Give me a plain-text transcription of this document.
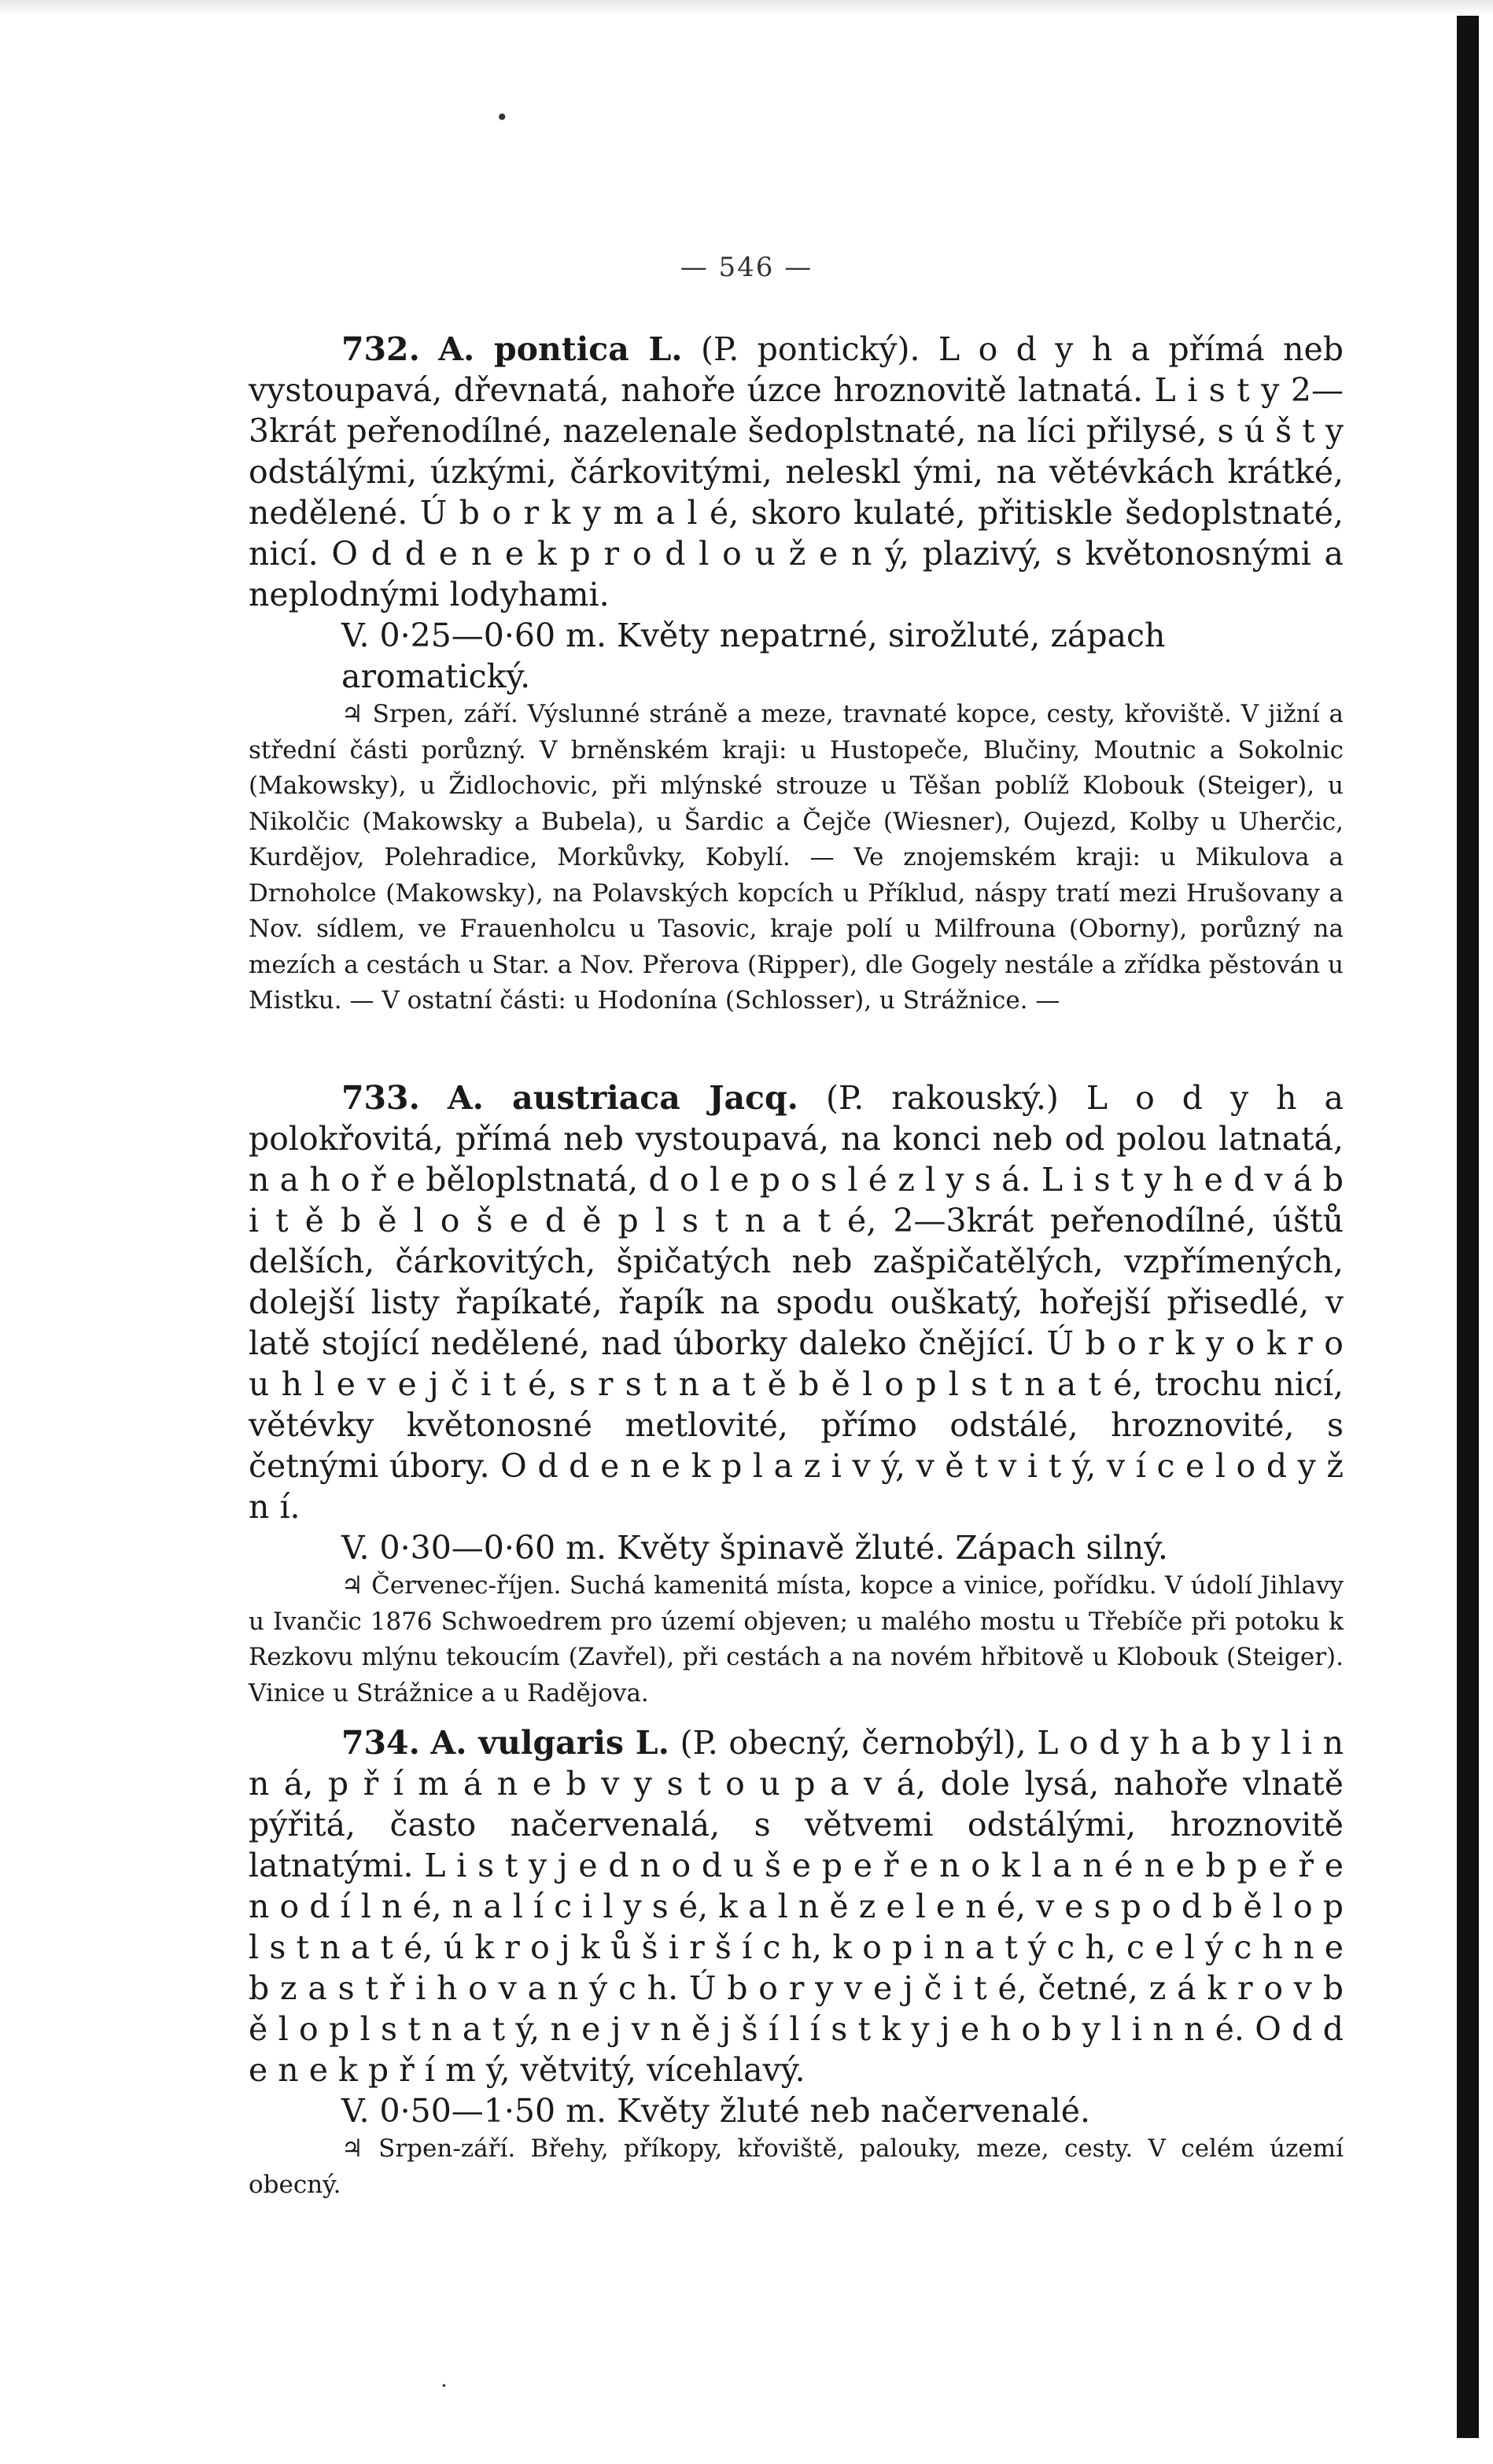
•
— 546 —

732. A. pontica L. (P. pontický). L o d y h a přímá neb vystoupavá, dřevnatá, nahoře úzce hroznovitě latnatá. L i s t y 2—3krát peřenodílné, nazelenale šedoplstnaté, na líci přilysé, s ú š t y odstálými, úzkými, čárkovitými, neleskl ými, na větévkách krátké, nedělené. Ú b o r k y m a l é, skoro kulaté, přitiskle šedoplstnaté, nicí. O d d e n e k p r o d l o u ž e n ý, plazivý, s květonosnými a neplodnými lodyhami.

V. 0·25—0·60 m. Květy nepatrné, sirožluté, zápach aromatický.

♃ Srpen, září. Výslunné stráně a meze, travnaté kopce, cesty, křoviště. V jižní a střední části porůzný. V brněnském kraji: u Hustopeče, Blučiny, Moutnic a Sokolnic (Makowsky), u Židlochovic, při mlýnské strouze u Těšan poblíž Klobouk (Steiger), u Nikolčic (Makowsky a Bubela), u Šardic a Čejče (Wiesner), Oujezd, Kolby u Uherčic, Kurdějov, Polehradice, Morkůvky, Kobylí. — Ve znojemském kraji: u Mikulova a Drnoholce (Makowsky), na Polavských kopcích u Příklud, náspy tratí mezi Hrušovany a Nov. sídlem, ve Frauenholcu u Tasovic, kraje polí u Milfrouna (Oborny), porůzný na mezích a cestách u Star. a Nov. Přerova (Ripper), dle Gogely nestále a zřídka pěstován u Mistku. — V ostatní části: u Hodonína (Schlosser), u Strážnice. —

733. A. austriaca Jacq. (P. rakouský.) L o d y h a polokřovitá, přímá neb vystoupavá, na konci neb od polou latnatá, n a h o ř e běloplstnatá, d o l e p o s l é z l y s á. L i s t y h e d v á b i t ě b ě l o š e d ě p l s t n a t é, 2—3krát peřenodílné, úštů delších, čárkovitých, špičatých neb zašpičatělých, vzpřímených, dolejší listy řapíkaté, řapík na spodu ouškatý, hořejší přisedlé, v latě stojící nedělené, nad úborky daleko čnějící. Ú b o r k y o k r o u h l e v e j č i t é, s r s t n a t ě b ě l o p l s t n a t é, trochu nicí, větévky květonosné metlovité, přímo odstálé, hroznovité, s četnými úbory. O d d e n e k p l a z i v ý, v ě t v i t ý, v í c e l o d y ž n í.

V. 0·30—0·60 m. Květy špinavě žluté. Zápach silný.

♃ Červenec-říjen. Suchá kamenitá místa, kopce a vinice, pořídku. V údolí Jihlavy u Ivančic 1876 Schwoedrem pro území objeven; u malého mostu u Třebíče při potoku k Rezkovu mlýnu tekoucím (Zavřel), při cestách a na novém hřbitově u Klobouk (Steiger). Vinice u Strážnice a u Radějova.

734. A. vulgaris L. (P. obecný, černobýl), L o d y h a b y l i n n á, p ř í m á n e b v y s t o u p a v á, dole lysá, nahoře vlnatě pýřitá, často načervenalá, s větvemi odstálými, hroznovitě latnatými. L i s t y j e d n o d u š e p e ř e n o k l a n é n e b p e ř e n o d í l n é, n a l í c i l y s é, k a l n ě z e l e n é, v e s p o d b ě l o p l s t n a t é, ú k r o j k ů š i r š í c h, k o p i n a t ý c h, c e l ý c h n e b z a s t ř i h o v a n ý c h. Ú b o r y v e j č i t é, četné, z á k r o v b ě l o p l s t n a t ý, n e j v n ě j š í l í s t k y j e h o b y l i n n é. O d d e n e k p ř í m ý, větvitý, vícehlavý.

V. 0·50—1·50 m. Květy žluté neb načervenalé.

♃ Srpen-září. Břehy, příkopy, křoviště, palouky, meze, cesty. V celém území obecný.

·
